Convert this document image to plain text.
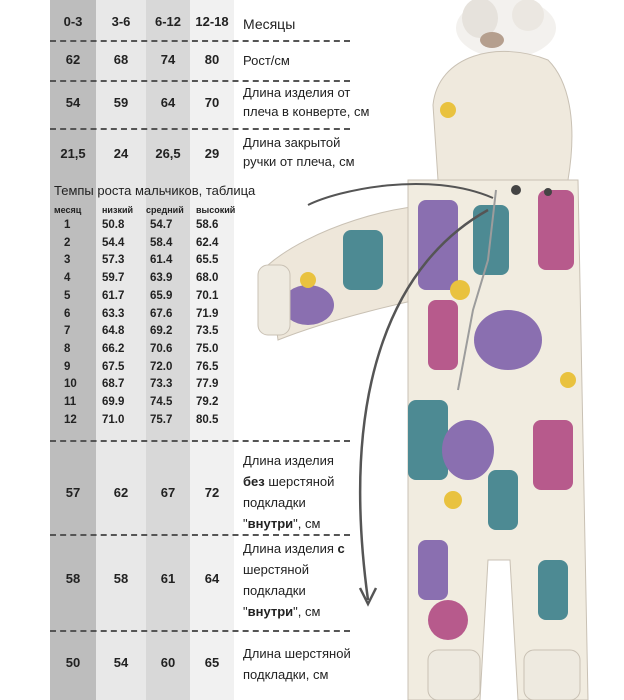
0-3	3-6	6-12	12-18	Месяцы
62	68	74	80	Рост/см
54	59	64	70
Длина изделия от
плеча в конверте, см
21,5	24	26,5	29
Длина закрытой
ручки от плеча, см
Темпы роста мальчиков, таблица
месяц низкий средний высокий
1	50.8 54.7 58.6
2	54.4 58.4 62.4
3	57.3 61.4 65.5
4	59.7 63.9 68.0
5	61.7 65.9 70.1
6	63.3 67.6 71.9
7	64.8 69.2 73.5
8	66.2 70.6 75.0
9	67.5 72.0 76.5
10 68.7 73.3 77.9
11 69.9 74.5 79.2
12 71.0 75.7 80.5
57	62	67	72
Длина изделия
без шерстяной
подкладки
"внутри", см
58	58	61	64
Длина изделия с
шерстяной
подкладки
"внутри", см
50	54	60	65
Длина шерстяной
подкладки, см
